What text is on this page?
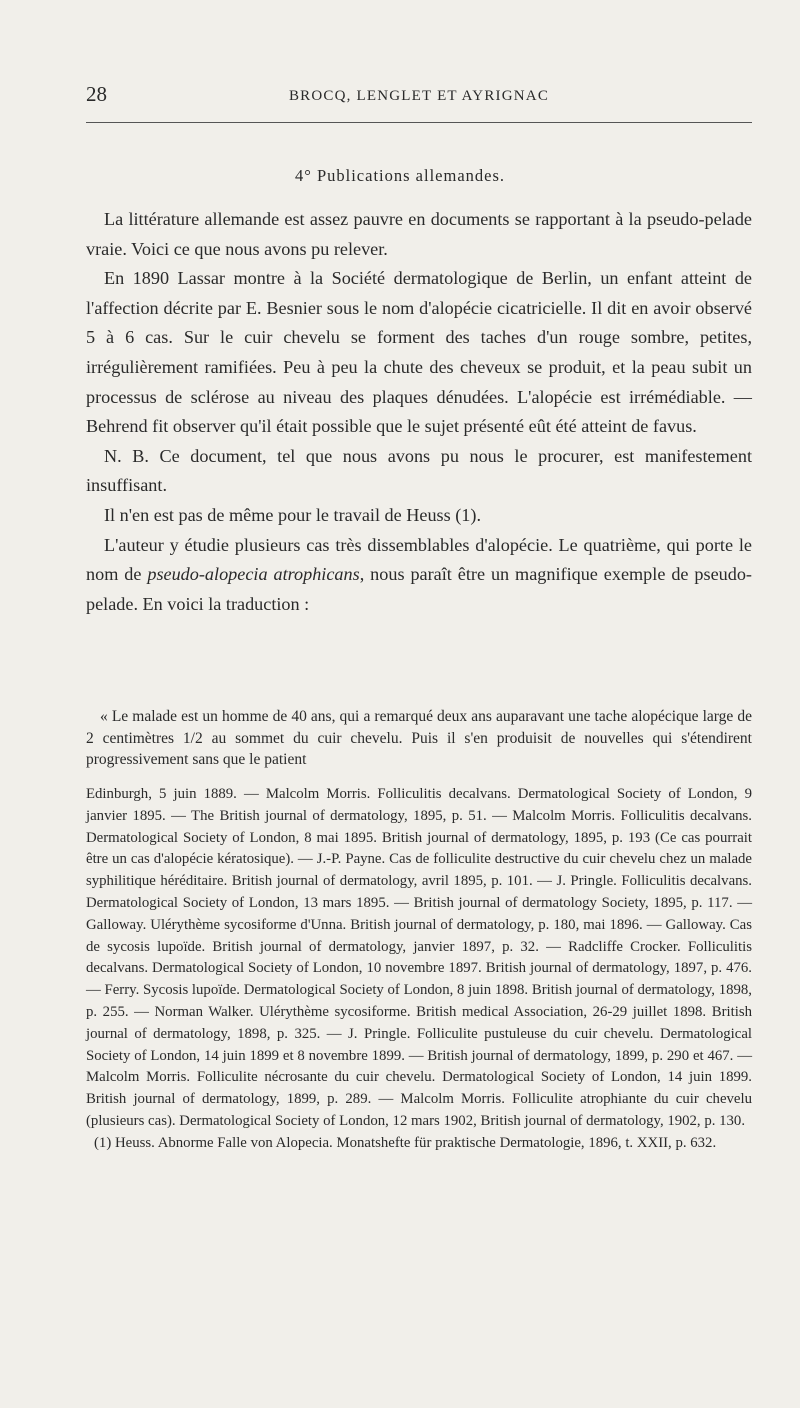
28	BROCQ, LENGLET ET AYRIGNAC
4° Publications allemandes.

La littérature allemande est assez pauvre en documents se rapportant à la pseudo-pelade vraie. Voici ce que nous avons pu relever.

En 1890 Lassar montre à la Société dermatologique de Berlin, un enfant atteint de l'affection décrite par E. Besnier sous le nom d'alopécie cicatricielle. Il dit en avoir observé 5 à 6 cas. Sur le cuir chevelu se forment des taches d'un rouge sombre, petites, irrégulièrement ramifiées. Peu à peu la chute des cheveux se produit, et la peau subit un processus de sclérose au niveau des plaques dénudées. L'alopécie est irrémédiable. — Behrend fit observer qu'il était possible que le sujet présenté eût été atteint de favus.

N. B. Ce document, tel que nous avons pu nous le procurer, est manifestement insuffisant.

Il n'en est pas de même pour le travail de Heuss (1).

L'auteur y étudie plusieurs cas très dissemblables d'alopécie. Le quatrième, qui porte le nom de pseudo-alopecia atrophicans, nous paraît être un magnifique exemple de pseudo-pelade. En voici la traduction :

« Le malade est un homme de 40 ans, qui a remarqué deux ans auparavant une tache alopécique large de 2 centimètres 1/2 au sommet du cuir chevelu. Puis il s'en produisit de nouvelles qui s'étendirent progressivement sans que le patient

Edinburgh, 5 juin 1889. — Malcolm Morris. Folliculitis decalvans. Dermatological Society of London, 9 janvier 1895. — The British journal of dermatology, 1895, p. 51. — Malcolm Morris. Folliculitis decalvans. Dermatological Society of London, 8 mai 1895. British journal of dermatology, 1895, p. 193 (Ce cas pourrait être un cas d'alopécie kératosique). — J.-P. Payne. Cas de folliculite destructive du cuir chevelu chez un malade syphilitique héréditaire. British journal of dermatology, avril 1895, p. 101. — J. Pringle. Folliculitis decalvans. Dermatological Society of London, 13 mars 1895. — British journal of dermatology Society, 1895, p. 117. — Galloway. Ulérythème sycosiforme d'Unna. British journal of dermatology, p. 180, mai 1896. — Galloway. Cas de sycosis lupoïde. British journal of dermatology, janvier 1897, p. 32. — Radcliffe Crocker. Folliculitis decalvans. Dermatological Society of London, 10 novembre 1897. British journal of dermatology, 1897, p. 476. — Ferry. Sycosis lupoïde. Dermatological Society of London, 8 juin 1898. British journal of dermatology, 1898, p. 255. — Norman Walker. Ulérythème sycosiforme. British medical Association, 26-29 juillet 1898. British journal of dermatology, 1898, p. 325. — J. Pringle. Folliculite pustuleuse du cuir chevelu. Dermatological Society of London, 14 juin 1899 et 8 novembre 1899. — British journal of dermatology, 1899, p. 290 et 467. — Malcolm Morris. Folliculite nécrosante du cuir chevelu. Dermatological Society of London, 14 juin 1899. British journal of dermatology, 1899, p. 289. — Malcolm Morris. Folliculite atrophiante du cuir chevelu (plusieurs cas). Dermatological Society of London, 12 mars 1902, British journal of dermatology, 1902, p. 130.

(1) Heuss. Abnorme Falle von Alopecia. Monatshefte für praktische Dermatologie, 1896, t. XXII, p. 632.
